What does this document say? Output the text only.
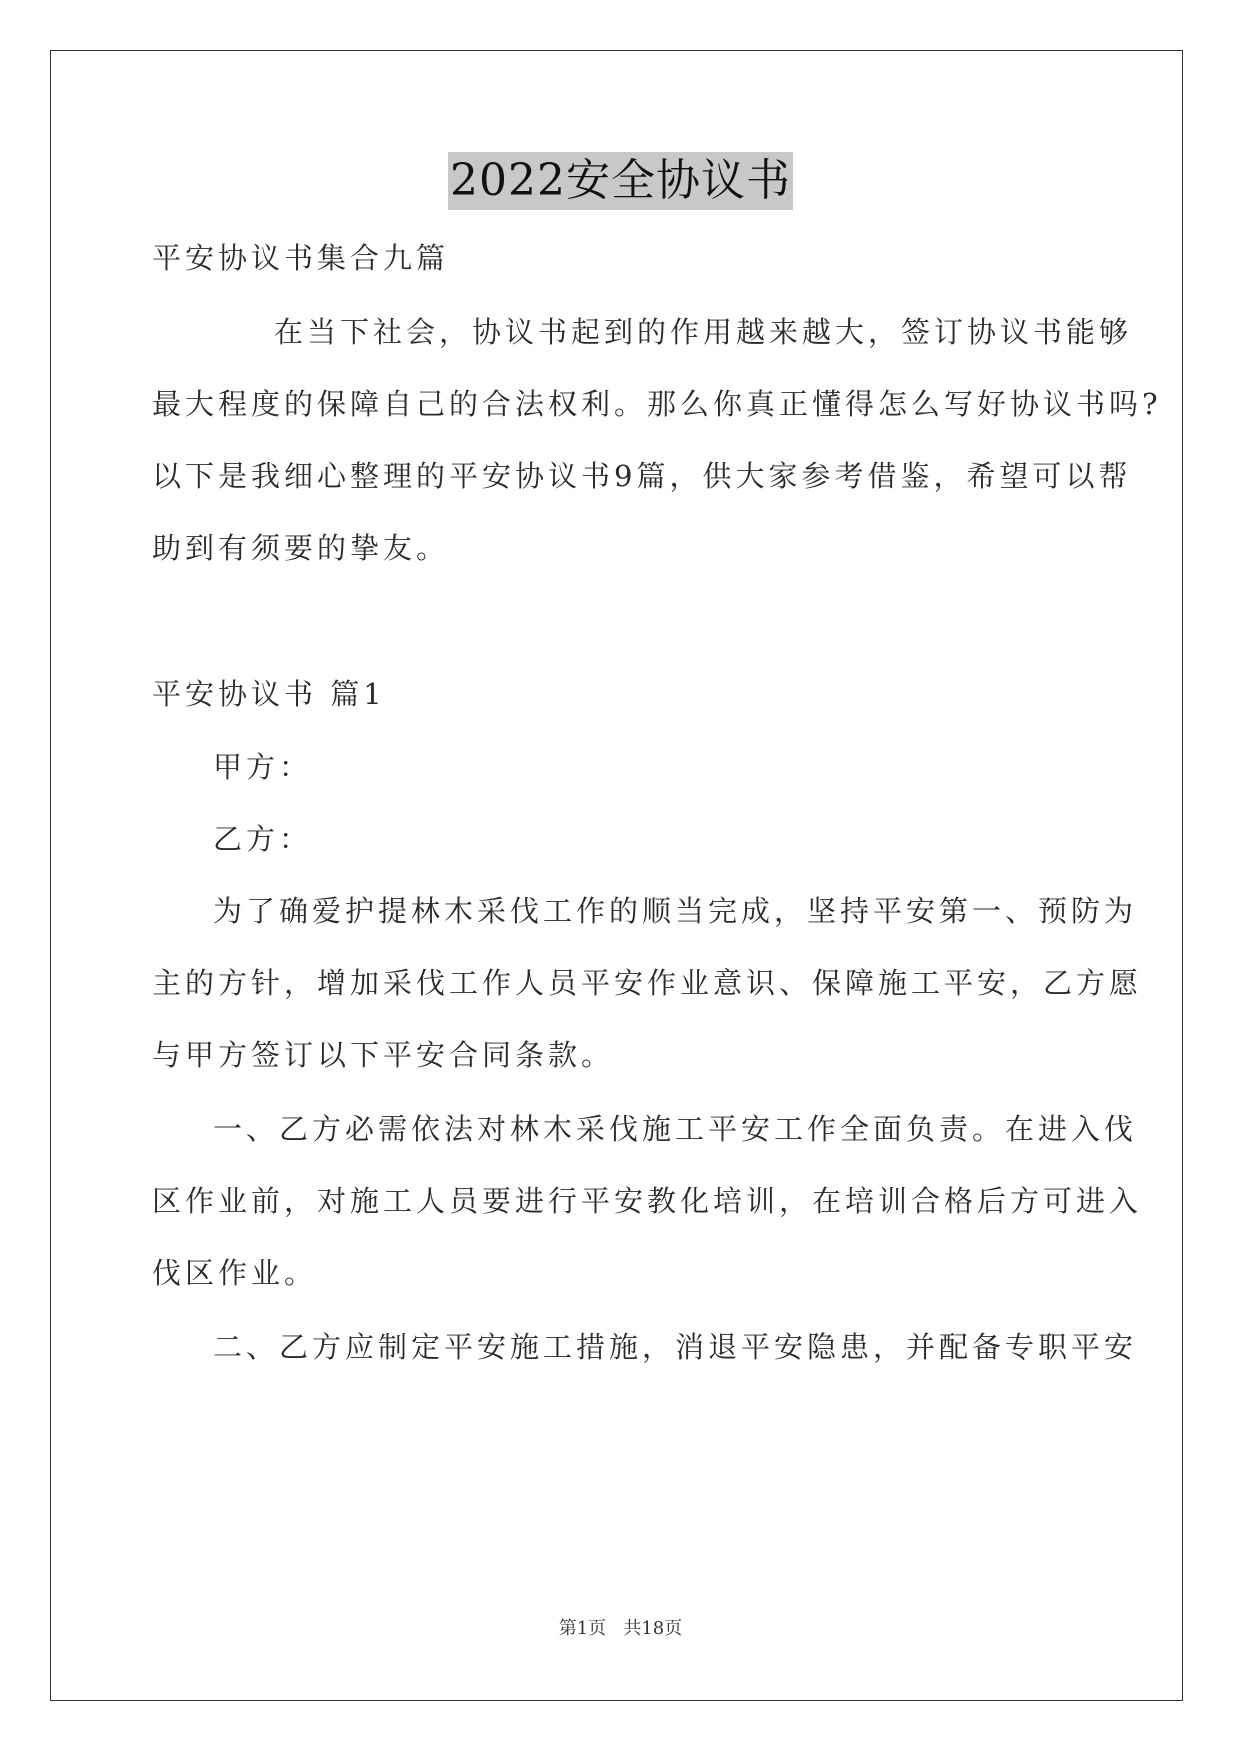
2022安全协议书
平安协议书集合九篇
在当下社会，协议书起到的作用越来越大，签订协议书能够
最大程度的保障自己的合法权利。那么你真正懂得怎么写好协议书吗?
以下是我细心整理的平安协议书9篇，供大家参考借鉴，希望可以帮
助到有须要的挚友。
平安协议书 篇1
甲方：
乙方：
为了确爱护提林木采伐工作的顺当完成，坚持平安第一、预防为
主的方针，增加采伐工作人员平安作业意识、保障施工平安，乙方愿
与甲方签订以下平安合同条款。
一、乙方必需依法对林木采伐施工平安工作全面负责。在进入伐
区作业前，对施工人员要进行平安教化培训，在培训合格后方可进入
伐区作业。
二、乙方应制定平安施工措施，消退平安隐患，并配备专职平安
第1页   共18页
